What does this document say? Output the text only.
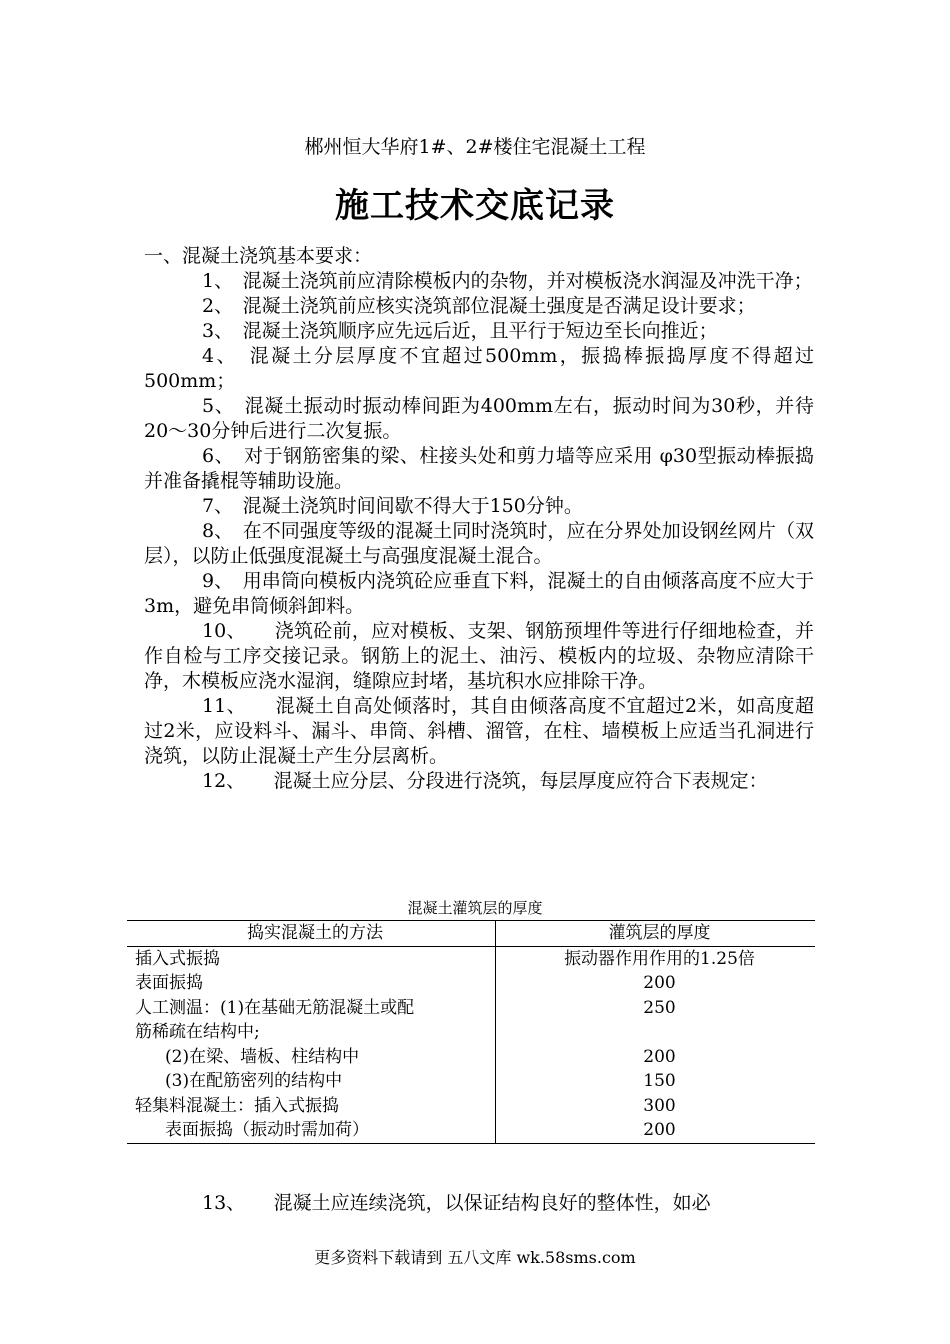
郴州恒大华府1#、2#楼住宅混凝土工程
施工技术交底记录

一、混凝土浇筑基本要求：

1、　混凝土浇筑前应清除模板内的杂物，并对模板浇水润湿及冲洗干净；

2、　混凝土浇筑前应核实浇筑部位混凝土强度是否满足设计要求；

3、　混凝土浇筑顺序应先远后近，且平行于短边至长向推近；

4、　混凝土分层厚度不宜超过500mm，振捣棒振捣厚度不得超过500mm；

5、　混凝土振动时振动棒间距为400mm左右，振动时间为30秒，并待20～30分钟后进行二次复振。

6、　对于钢筋密集的梁、柱接头处和剪力墙等应采用 φ30型振动棒振捣并准备撬棍等辅助设施。

7、　混凝土浇筑时间间歇不得大于150分钟。

8、　在不同强度等级的混凝土同时浇筑时，应在分界处加设钢丝网片（双层），以防止低强度混凝土与高强度混凝土混合。

9、　用串筒向模板内浇筑砼应垂直下料，混凝土的自由倾落高度不应大于3m，避免串筒倾斜卸料。

10、　　浇筑砼前，应对模板、支架、钢筋预埋件等进行仔细地检查，并作自检与工序交接记录。钢筋上的泥土、油污、模板内的垃圾、杂物应清除干净，木模板应浇水湿润，缝隙应封堵，基坑积水应排除干净。

11、　　混凝土自高处倾落时，其自由倾落高度不宜超过2米，如高度超过2米，应设料斗、漏斗、串筒、斜槽、溜管，在柱、墙模板上应适当孔洞进行浇筑，以防止混凝土产生分层离析。

12、　　混凝土应分层、分段进行浇筑，每层厚度应符合下表规定：

混凝土灌筑层的厚度
捣实混凝土的方法	灌筑层的厚度
插入式振捣	振动器作用作用的1.25倍
表面振捣	200
人工测温：(1)在基础无筋混凝土或配	250
筋稀疏在结构中;	
(2)在梁、墙板、柱结构中	200
(3)在配筋密列的结构中	150
轻集料混凝土：插入式振捣	300
表面振捣（振动时需加荷）	200

13、　　混凝土应连续浇筑，以保证结构良好的整体性，如必

更多资料下载请到 五八文库 wk.58sms.com
